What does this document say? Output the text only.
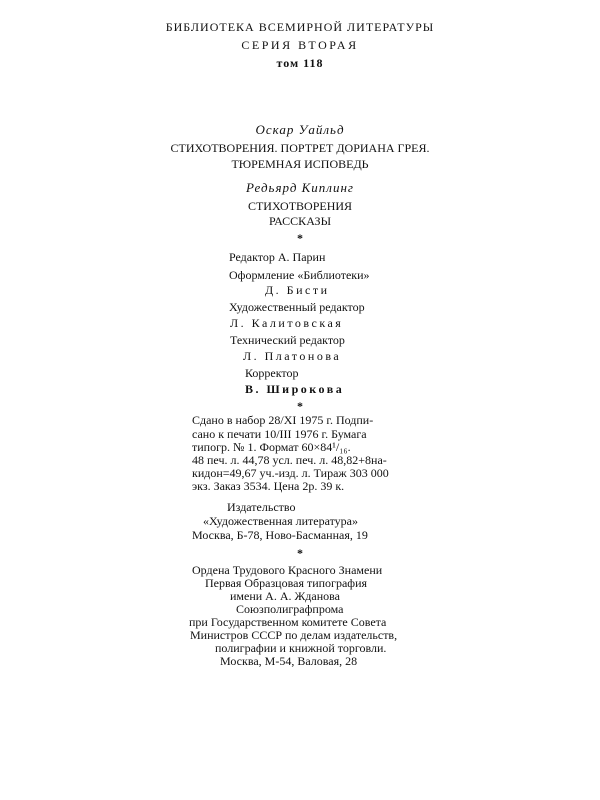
БИБЛИОТЕКА ВСЕМИРНОЙ ЛИТЕРАТУРЫ
СЕРИЯ ВТОРАЯ
том 118
Оскар Уайльд
СТИХОТВОРЕНИЯ. ПОРТРЕТ ДОРИАНА ГРЕЯ.
ТЮРЕМНАЯ ИСПОВЕДЬ
Редьярд Киплинг
СТИХОТВОРЕНИЯ
РАССКАЗЫ
*
Редактор А. Парин
Оформление «Библиотеки»
Д. Бисти
Художественный редактор
Л. Калитовская
Технический редактор
Л. Платонова
Корректор
В. Широкова
*
Сдано в набор 28/XI 1975 г. Подпи-
сано к печати 10/III 1976 г. Бумага
типогр. № 1. Формат 60×84¹/₁₆.
48 печ. л. 44,78 усл. печ. л. 48,82+8на-
кидон=49,67 уч.-изд. л. Тираж 303 000
экз. Заказ 3534. Цена 2р. 39 к.
Издательство
«Художественная литература»
Москва, Б-78, Ново-Басманная, 19
*
Ордена Трудового Красного Знамени
Первая Образцовая типография
имени А. А. Жданова
Союзполиграфпрома
при Государственном комитете Совета
Министров СССР по делам издательств,
полиграфии и книжной торговли.
Москва, М-54, Валовая, 28
